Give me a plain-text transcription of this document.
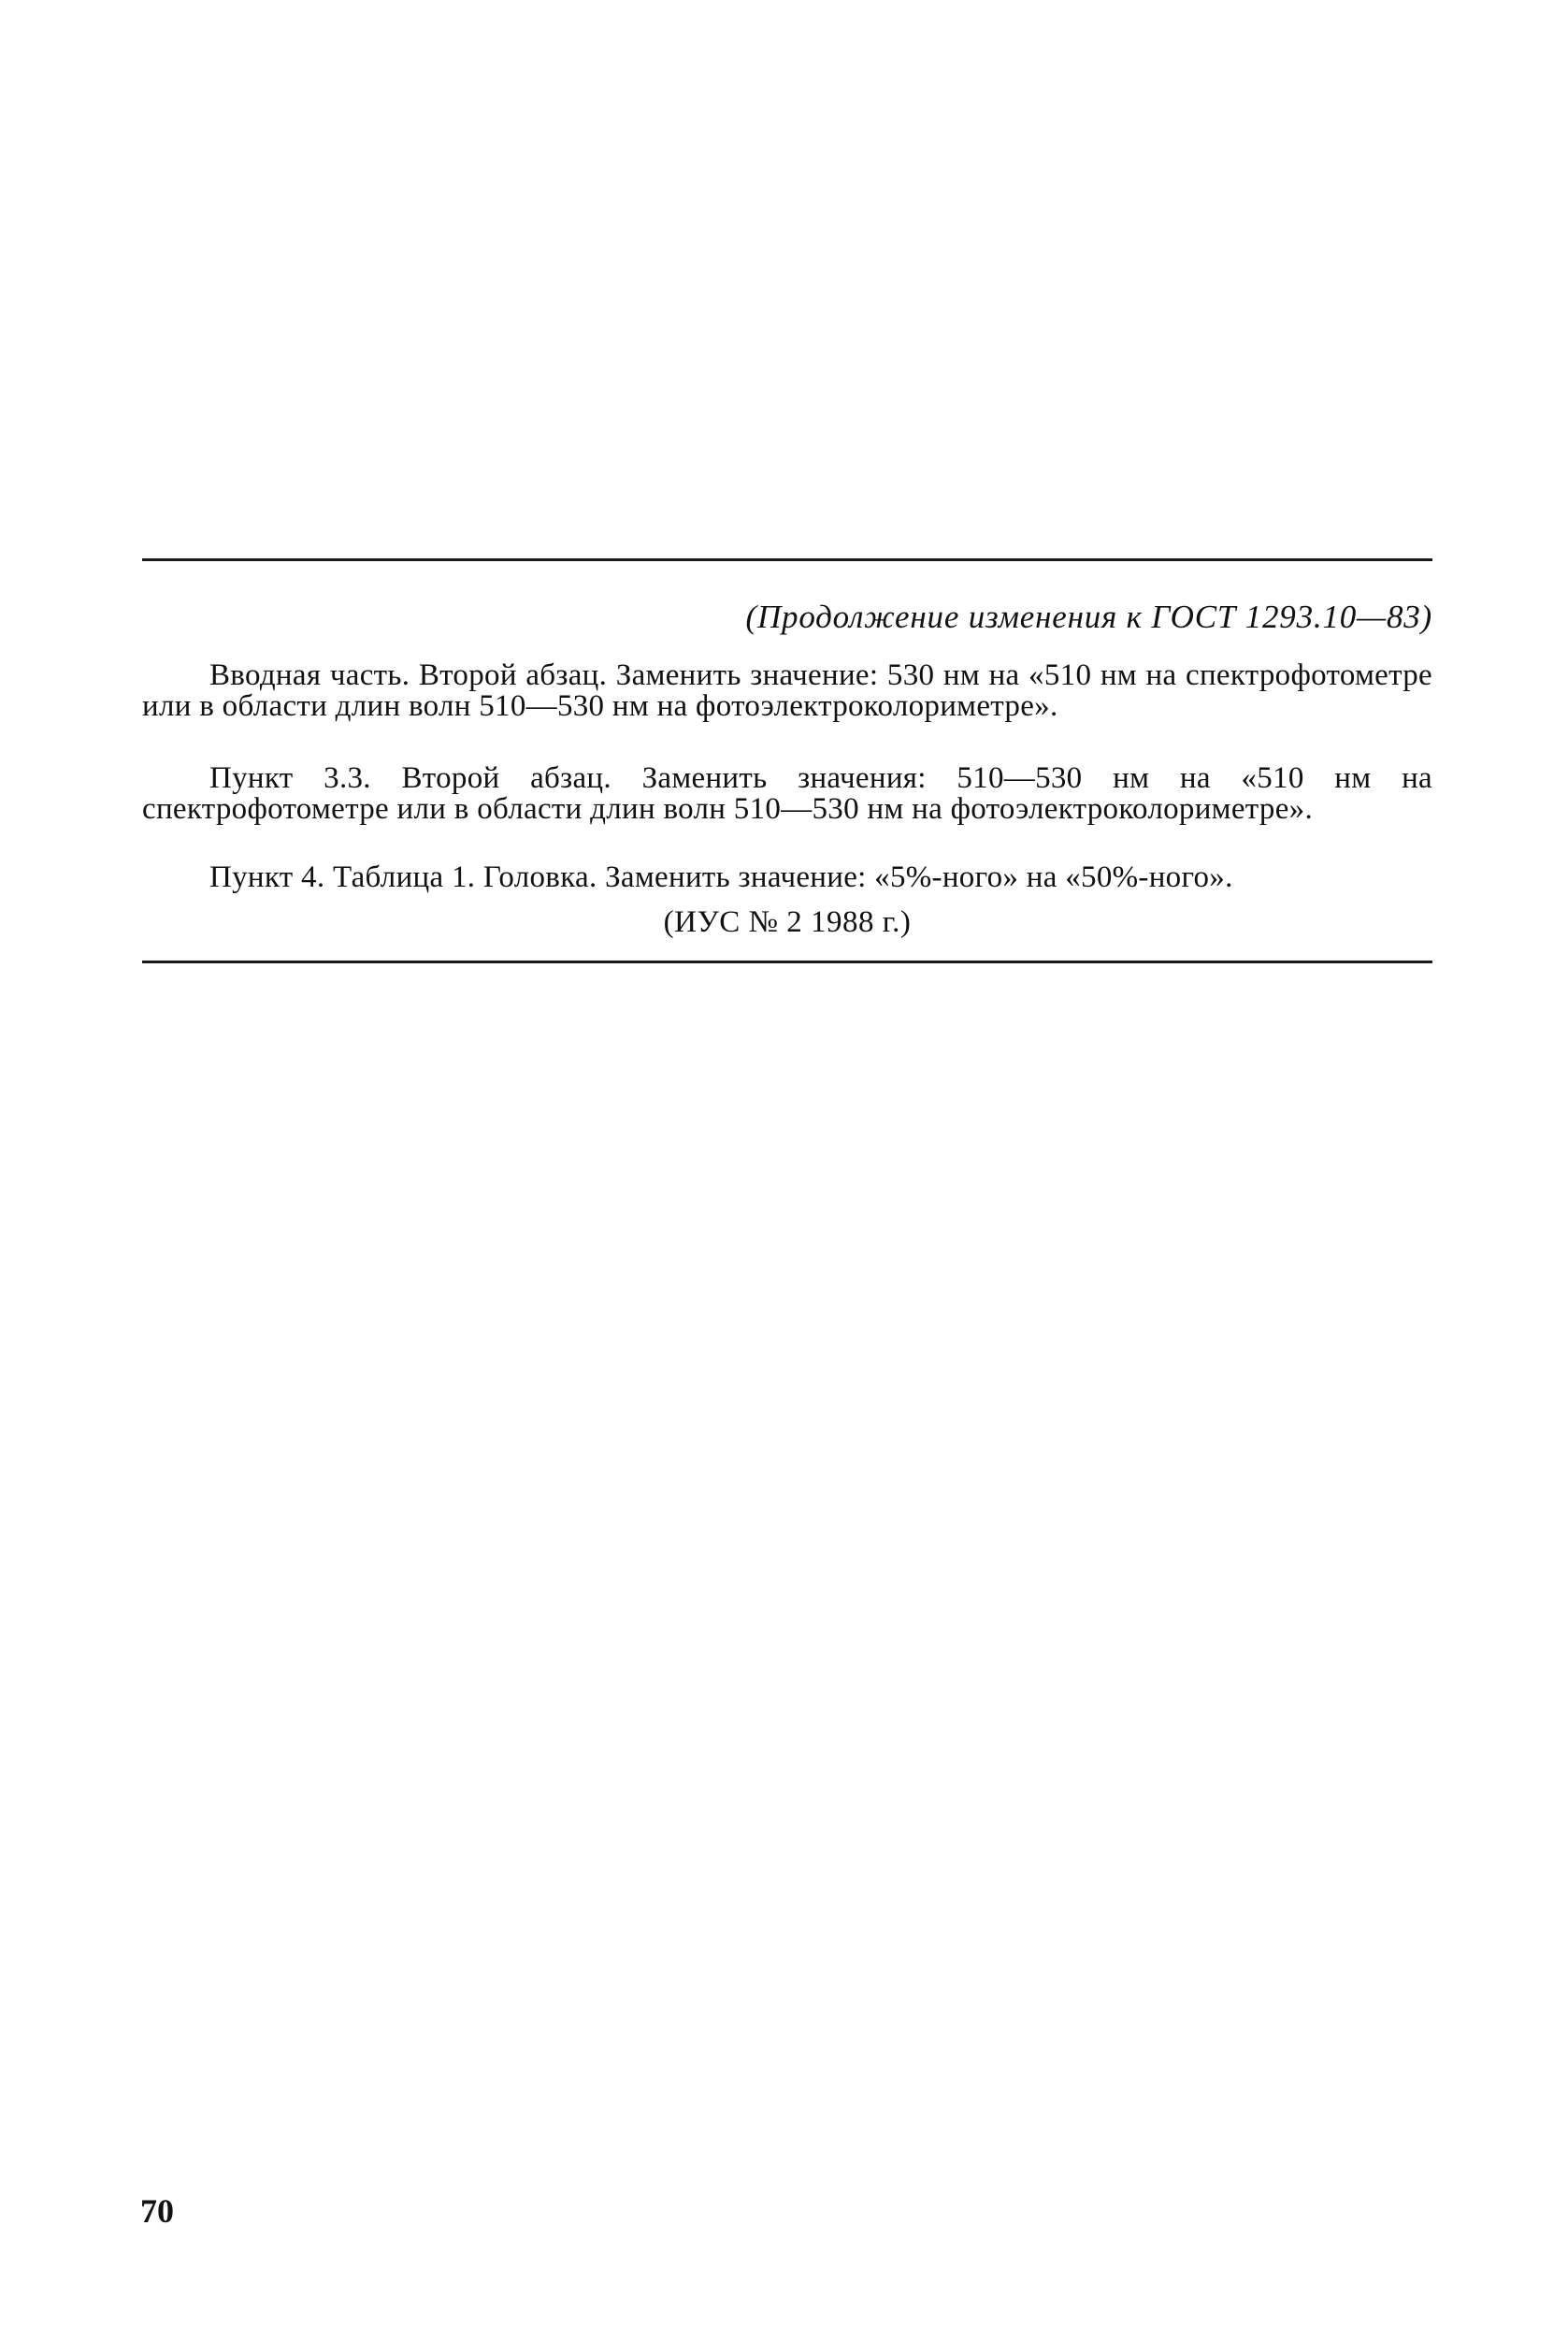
(Продолжение изменения к ГОСТ 1293.10—83)

Вводная часть. Второй абзац. Заменить значение: 530 нм на «510 нм на спектрофотометре или в области длин волн 510—530 нм на фотоэлектроколориметре».

Пункт 3.3. Второй абзац. Заменить значения: 510—530 нм на «510 нм на спектрофотометре или в области длин волн 510—530 нм на фотоэлектроколориметре».

Пункт 4. Таблица 1. Головка. Заменить значение: «5%-ного» на «50%-ного».

(ИУС № 2 1988 г.)
70
